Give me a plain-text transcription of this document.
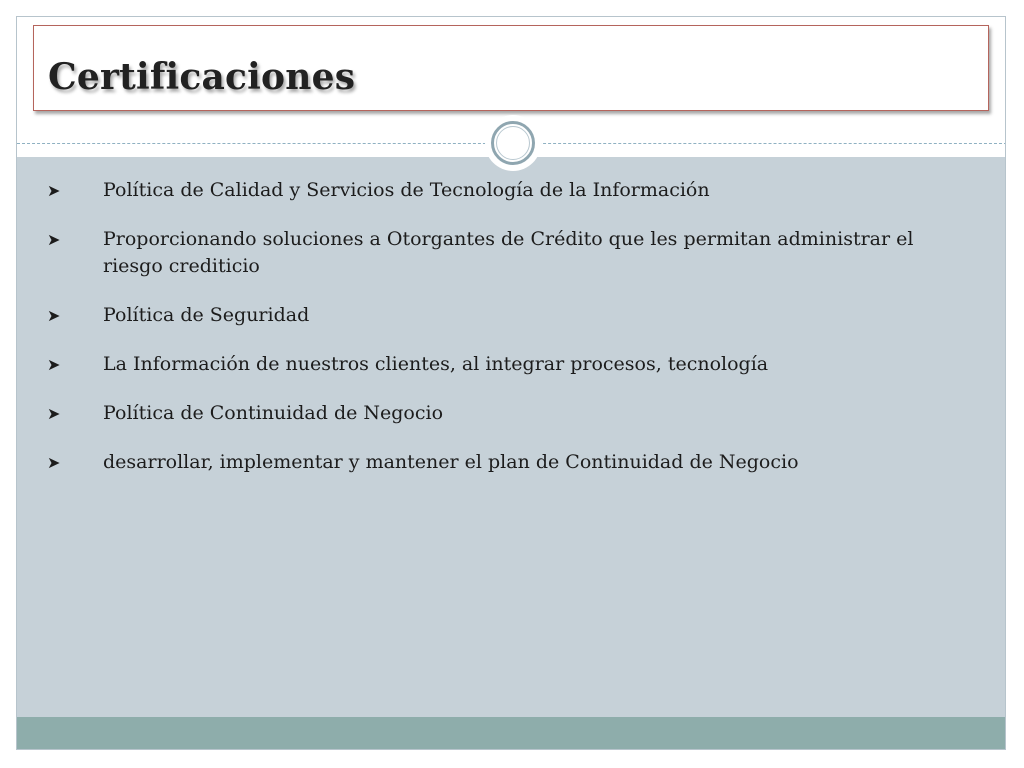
Certificaciones
➤ Política de Calidad y Servicios de Tecnología de la Información
➤ Proporcionando soluciones a Otorgantes de Crédito que les permitan administrar el riesgo crediticio
➤ Política de Seguridad
➤ La Información de nuestros clientes, al integrar procesos, tecnología
➤ Política de Continuidad de Negocio
➤ desarrollar, implementar y mantener el plan de Continuidad de Negocio
